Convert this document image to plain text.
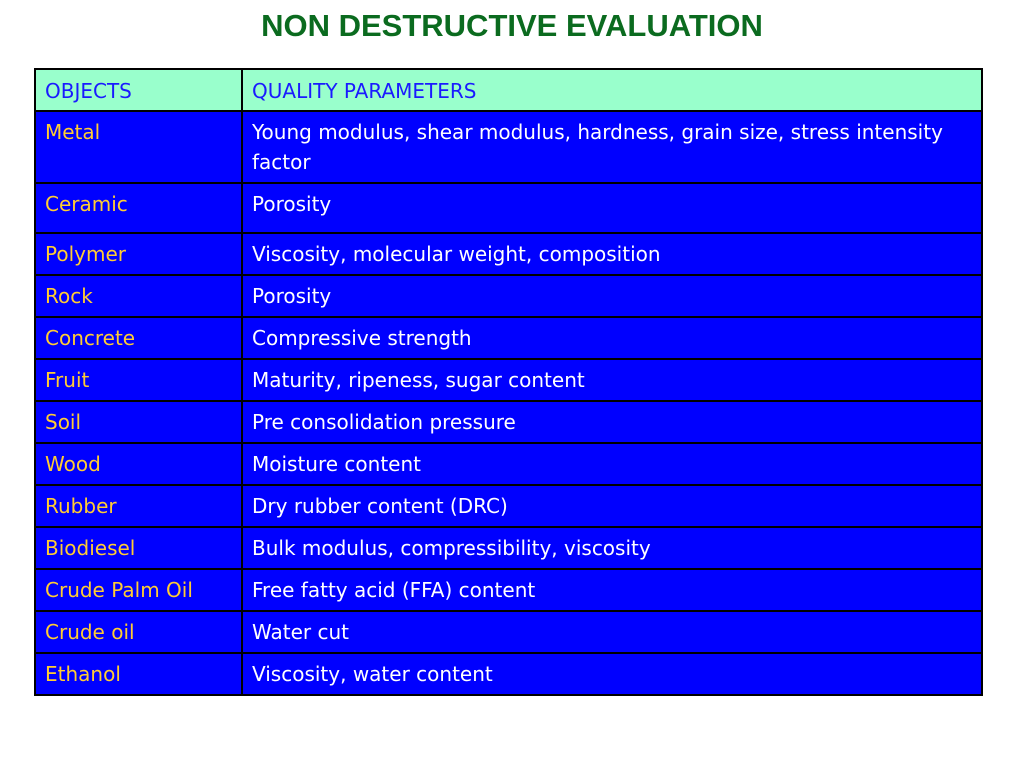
NON DESTRUCTIVE EVALUATION
OBJECTS	QUALITY PARAMETERS
Metal	Young modulus, shear modulus, hardness, grain size, stress intensity factor
Ceramic	Porosity
Polymer	Viscosity, molecular weight, composition
Rock	Porosity
Concrete	Compressive strength
Fruit	Maturity, ripeness, sugar content
Soil	Pre consolidation pressure
Wood	Moisture content
Rubber	Dry rubber content (DRC)
Biodiesel	Bulk modulus, compressibility, viscosity
Crude Palm Oil	Free fatty acid (FFA) content
Crude oil	Water cut
Ethanol	Viscosity, water content
